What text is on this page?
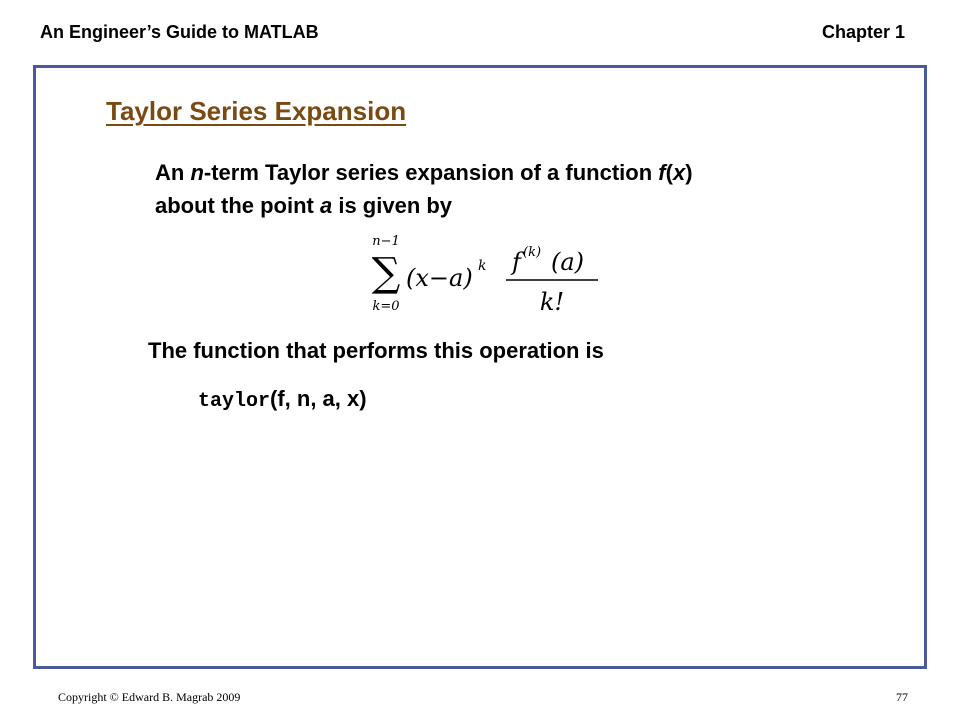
An Engineer’s Guide to MATLAB	Chapter 1
Taylor Series Expansion
An n-term Taylor series expansion of a function f(x)
about the point a is given by
n−1
∑
k=0
(x−a) k f (k) (a)
k!
The function that performs this operation is
taylor(f, n, a, x)
Copyright © Edward B. Magrab 2009	77
